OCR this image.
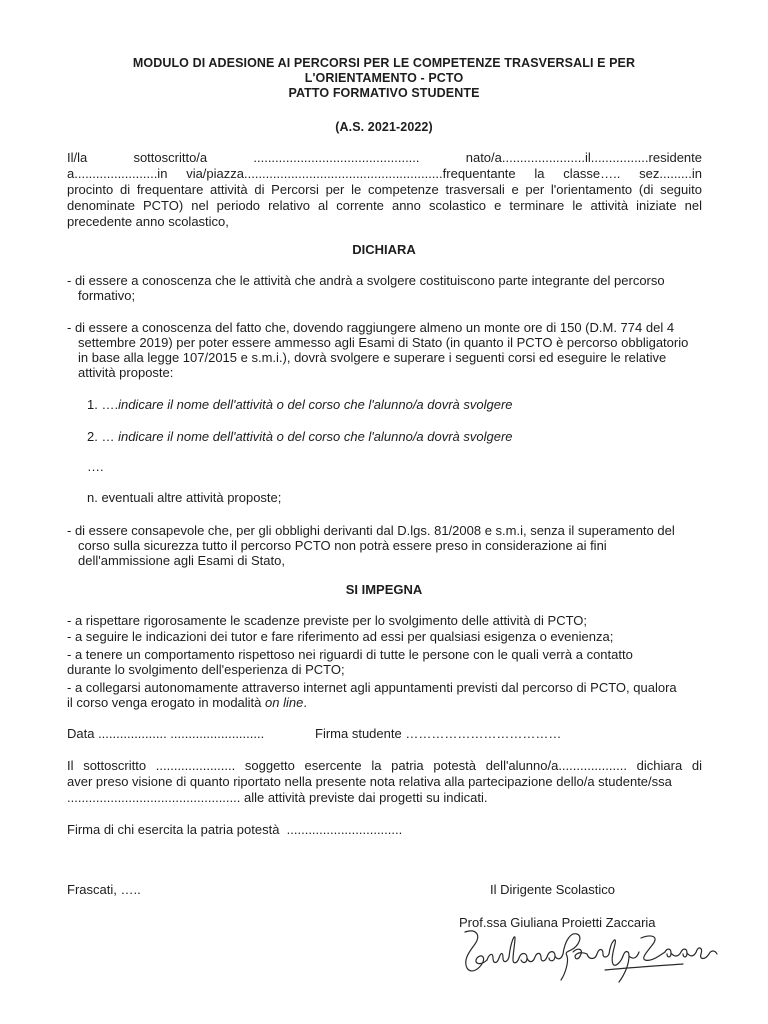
MODULO DI ADESIONE AI PERCORSI PER LE COMPETENZE TRASVERSALI E PER
L'ORIENTAMENTO - PCTO
PATTO FORMATIVO STUDENTE
(A.S. 2021-2022)
Il/la sottoscritto/a .............................................. nato/a.......................il................residente
a.......................in via/piazza.......................................................frequentante la classe….. sez.........in
procinto di frequentare attività di Percorsi per le competenze trasversali e per l'orientamento (di seguito
denominate PCTO) nel periodo relativo al corrente anno scolastico e terminare le attività iniziate nel
precedente anno scolastico,
DICHIARA
- di essere a conoscenza che le attività che andrà a svolgere costituiscono parte integrante del percorso
formativo;
- di essere a conoscenza del fatto che, dovendo raggiungere almeno un monte ore di 150 (D.M. 774 del 4
settembre 2019) per poter essere ammesso agli Esami di Stato (in quanto il PCTO è percorso obbligatorio
in base alla legge 107/2015 e s.m.i.), dovrà svolgere e superare i seguenti corsi ed eseguire le relative
attività proposte:
1. ….indicare il nome dell'attività o del corso che l'alunno/a dovrà svolgere
2. … indicare il nome dell'attività o del corso che l'alunno/a dovrà svolgere
….
n. eventuali altre attività proposte;
- di essere consapevole che, per gli obblighi derivanti dal D.lgs. 81/2008 e s.m.i, senza il superamento del
corso sulla sicurezza tutto il percorso PCTO non potrà essere preso in considerazione ai fini
dell'ammissione agli Esami di Stato,
SI IMPEGNA
- a rispettare rigorosamente le scadenze previste per lo svolgimento delle attività di PCTO;
- a seguire le indicazioni dei tutor e fare riferimento ad essi per qualsiasi esigenza o evenienza;
- a tenere un comportamento rispettoso nei riguardi di tutte le persone con le quali verrà a contatto
durante lo svolgimento dell'esperienza di PCTO;
- a collegarsi autonomamente attraverso internet agli appuntamenti previsti dal percorso di PCTO, qualora
il corso venga erogato in modalità on line.
Data ................... ..........................	Firma studente ………………………………
Il sottoscritto ...................... soggetto esercente la patria potestà dell'alunno/a................... dichiara di
aver preso visione di quanto riportato nella presente nota relativa alla partecipazione dello/a studente/ssa
................................................ alle attività previste dai progetti su indicati.
Firma di chi esercita la patria potestà  ................................
Frascati, …..	Il Dirigente Scolastico
Prof.ssa Giuliana Proietti Zaccaria
